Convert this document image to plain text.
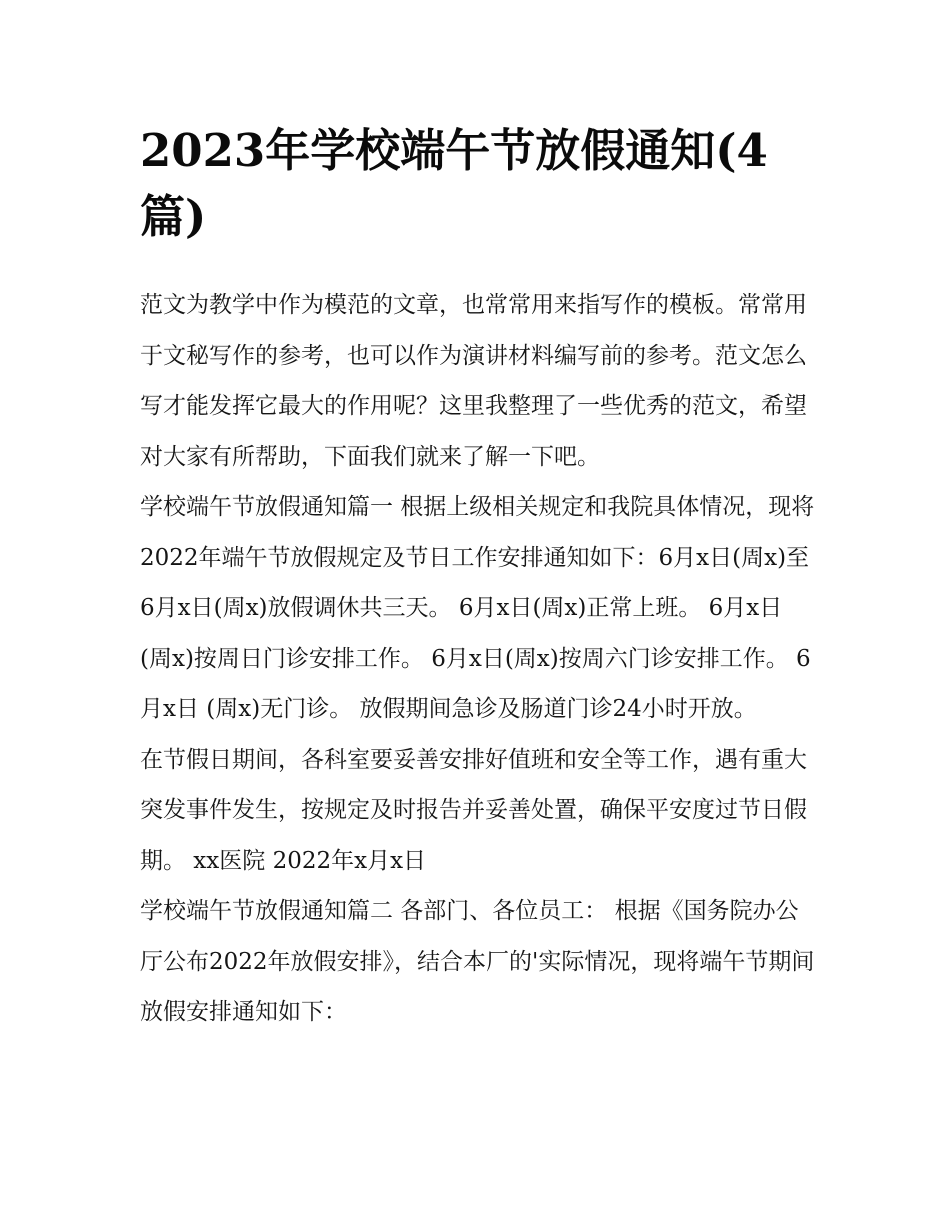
2023年学校端午节放假通知(4篇)

范文为教学中作为模范的文章，也常常用来指写作的模板。常常用于文秘写作的参考，也可以作为演讲材料编写前的参考。范文怎么写才能发挥它最大的作用呢？这里我整理了一些优秀的范文，希望对大家有所帮助，下面我们就来了解一下吧。

学校端午节放假通知篇一 根据上级相关规定和我院具体情况，现将2022年端午节放假规定及节日工作安排通知如下：6月x日(周x)至6月x日(周x)放假调休共三天。 6月x日(周x)正常上班。 6月x日 (周x)按周日门诊安排工作。 6月x日(周x)按周六门诊安排工作。 6月x日 (周x)无门诊。 放假期间急诊及肠道门诊24小时开放。

在节假日期间，各科室要妥善安排好值班和安全等工作，遇有重大突发事件发生，按规定及时报告并妥善处置，确保平安度过节日假期。 xx医院 2022年x月x日

学校端午节放假通知篇二 各部门、各位员工： 根据《国务院办公厅公布2022年放假安排》，结合本厂的'实际情况，现将端午节期间放假安排通知如下：
